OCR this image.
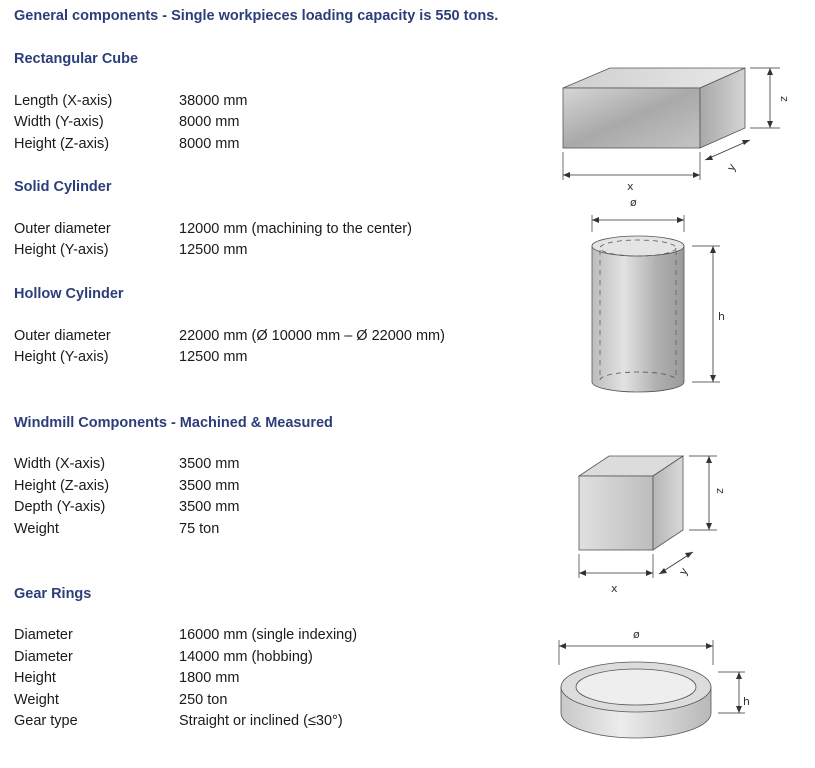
General components - Single workpieces loading capacity is 550 tons.
Rectangular Cube
Length (X-axis)	38000 mm
Width (Y-axis)	8000 mm
Height (Z-axis)	8000 mm
Solid Cylinder
Outer diameter	12000 mm (machining to the center)
Height (Y-axis)	12500 mm
Hollow Cylinder
Outer diameter	22000 mm (Ø 10000 mm – Ø 22000 mm)
Height (Y-axis)	12500 mm
Windmill Components - Machined & Measured
Width (X-axis)	3500 mm
Height (Z-axis)	3500 mm
Depth (Y-axis)	3500 mm
Weight	75 ton
Gear Rings
Diameter	16000 mm (single indexing)
Diameter	14000 mm (hobbing)
Height	1800 mm
Weight	250 ton
Gear type	Straight or inclined (≤30°)
x
y
z
ø
h
x
y
z
ø
h
